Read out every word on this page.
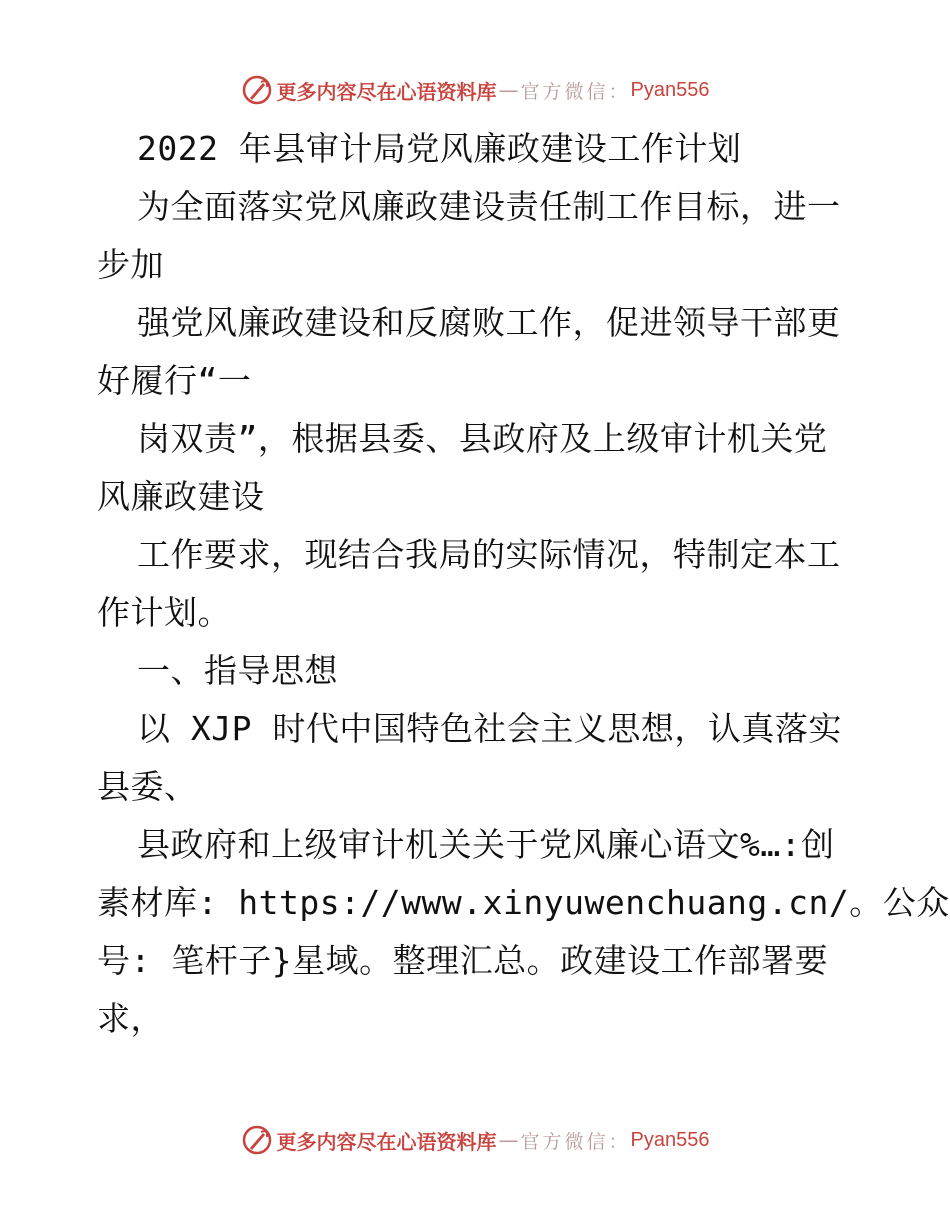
更多内容尽在心语资料库 — 官方微信： Pyan556
2022 年县审计局党风廉政建设工作计划
为全面落实党风廉政建设责任制工作目标，进一
步加
强党风廉政建设和反腐败工作，促进领导干部更
好履行“一
岗双责”，根据县委、县政府及上级审计机关党
风廉政建设
工作要求，现结合我局的实际情况，特制定本工
作计划。
一、指导思想
以 XJP 时代中国特色社会主义思想，认真落实
县委、
县政府和上级审计机关关于党风廉心语文%…:创
素材库: https://www.xinyuwenchuang.cn/。公众
号: 笔杆子}星域。整理汇总。政建设工作部署要
求，
更多内容尽在心语资料库 — 官方微信： Pyan556
